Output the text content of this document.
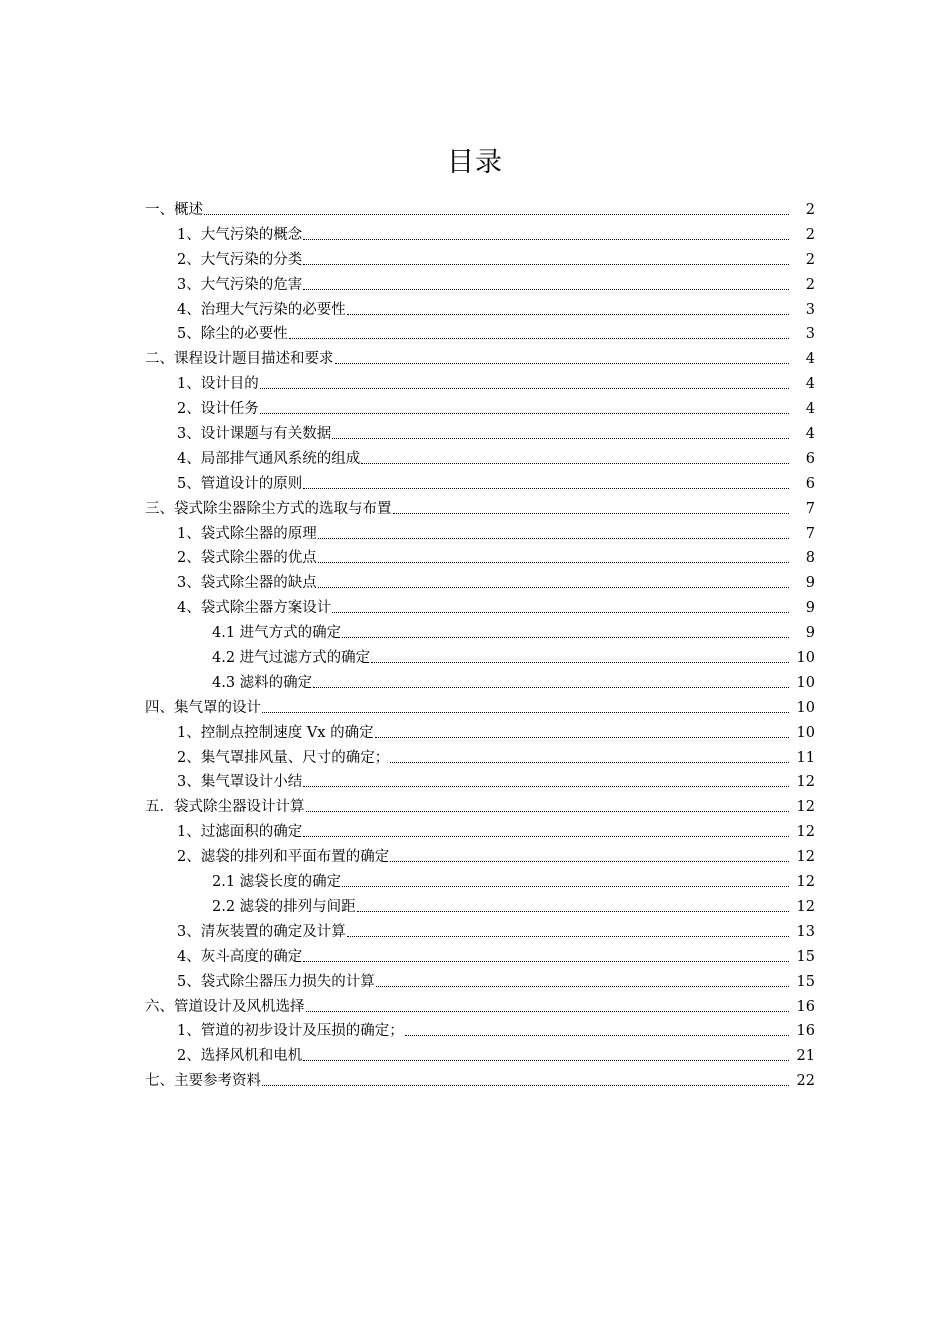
目录
一、概述	2
1、大气污染的概念	2
2、大气污染的分类	2
3、大气污染的危害	2
4、治理大气污染的必要性	3
5、除尘的必要性	3
二、课程设计题目描述和要求	4
1、设计目的	4
2、设计任务	4
3、设计课题与有关数据	4
4、局部排气通风系统的组成	6
5、管道设计的原则	6
三、袋式除尘器除尘方式的选取与布置	7
1、袋式除尘器的原理	7
2、袋式除尘器的优点	8
3、袋式除尘器的缺点	9
4、袋式除尘器方案设计	9
4.1 进气方式的确定	9
4.2 进气过滤方式的确定	10
4.3 滤料的确定	10
四、集气罩的设计	10
1、控制点控制速度 Vx 的确定	10
2、集气罩排风量、尺寸的确定；	11
3、集气罩设计小结	12
五．袋式除尘器设计计算	12
1、过滤面积的确定	12
2、滤袋的排列和平面布置的确定	12
2.1 滤袋长度的确定	12
2.2 滤袋的排列与间距	12
3、清灰装置的确定及计算	13
4、灰斗高度的确定	15
5、袋式除尘器压力损失的计算	15
六、管道设计及风机选择	16
1、管道的初步设计及压损的确定；	16
2、选择风机和电机	21
七、主要参考资料	22
